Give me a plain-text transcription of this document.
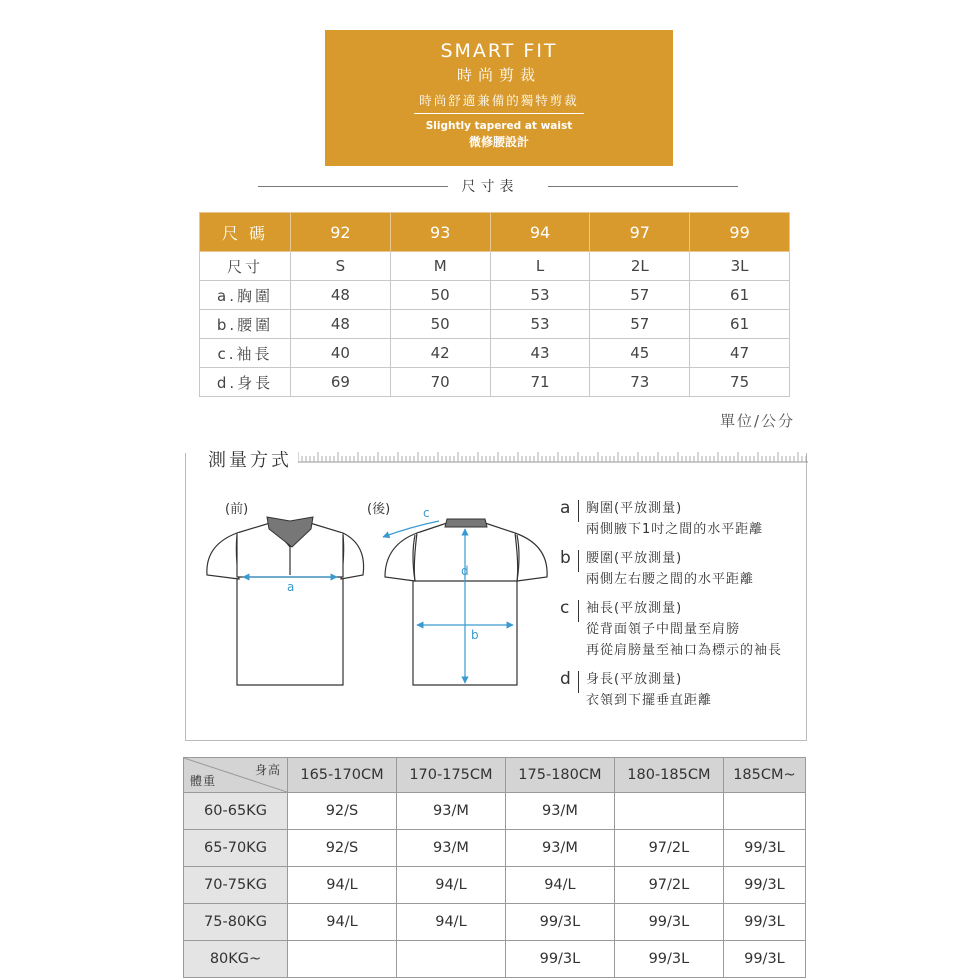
SMART FIT
時尚剪裁
時尚舒適兼備的獨特剪裁
Slightly tapered at waist
微修腰設計
尺寸表
尺 碼	92	93	94	97	99
尺寸	S	M	L	2L	3L
a.胸圍	48	50	53	57	61
b.腰圍	48	50	53	57	61
c.袖長	40	42	43	45	47
d.身長	69	70	71	73	75
單位/公分
測量方式
(前)	(後)
a
c
d
b
a 胸圍(平放測量)
兩側腋下1吋之間的水平距離
b 腰圍(平放測量)
兩側左右腰之間的水平距離
c 袖長(平放測量)
從背面領子中間量至肩膀
再從肩膀量至袖口為標示的袖長
d 身長(平放測量)
衣領到下擺垂直距離
身高
體重	165-170CM	170-175CM	175-180CM	180-185CM	185CM~
60-65KG	92/S	93/M	93/M		
65-70KG	92/S	93/M	93/M	97/2L	99/3L
70-75KG	94/L	94/L	94/L	97/2L	99/3L
75-80KG	94/L	94/L	99/3L	99/3L	99/3L
80KG~			99/3L	99/3L	99/3L
